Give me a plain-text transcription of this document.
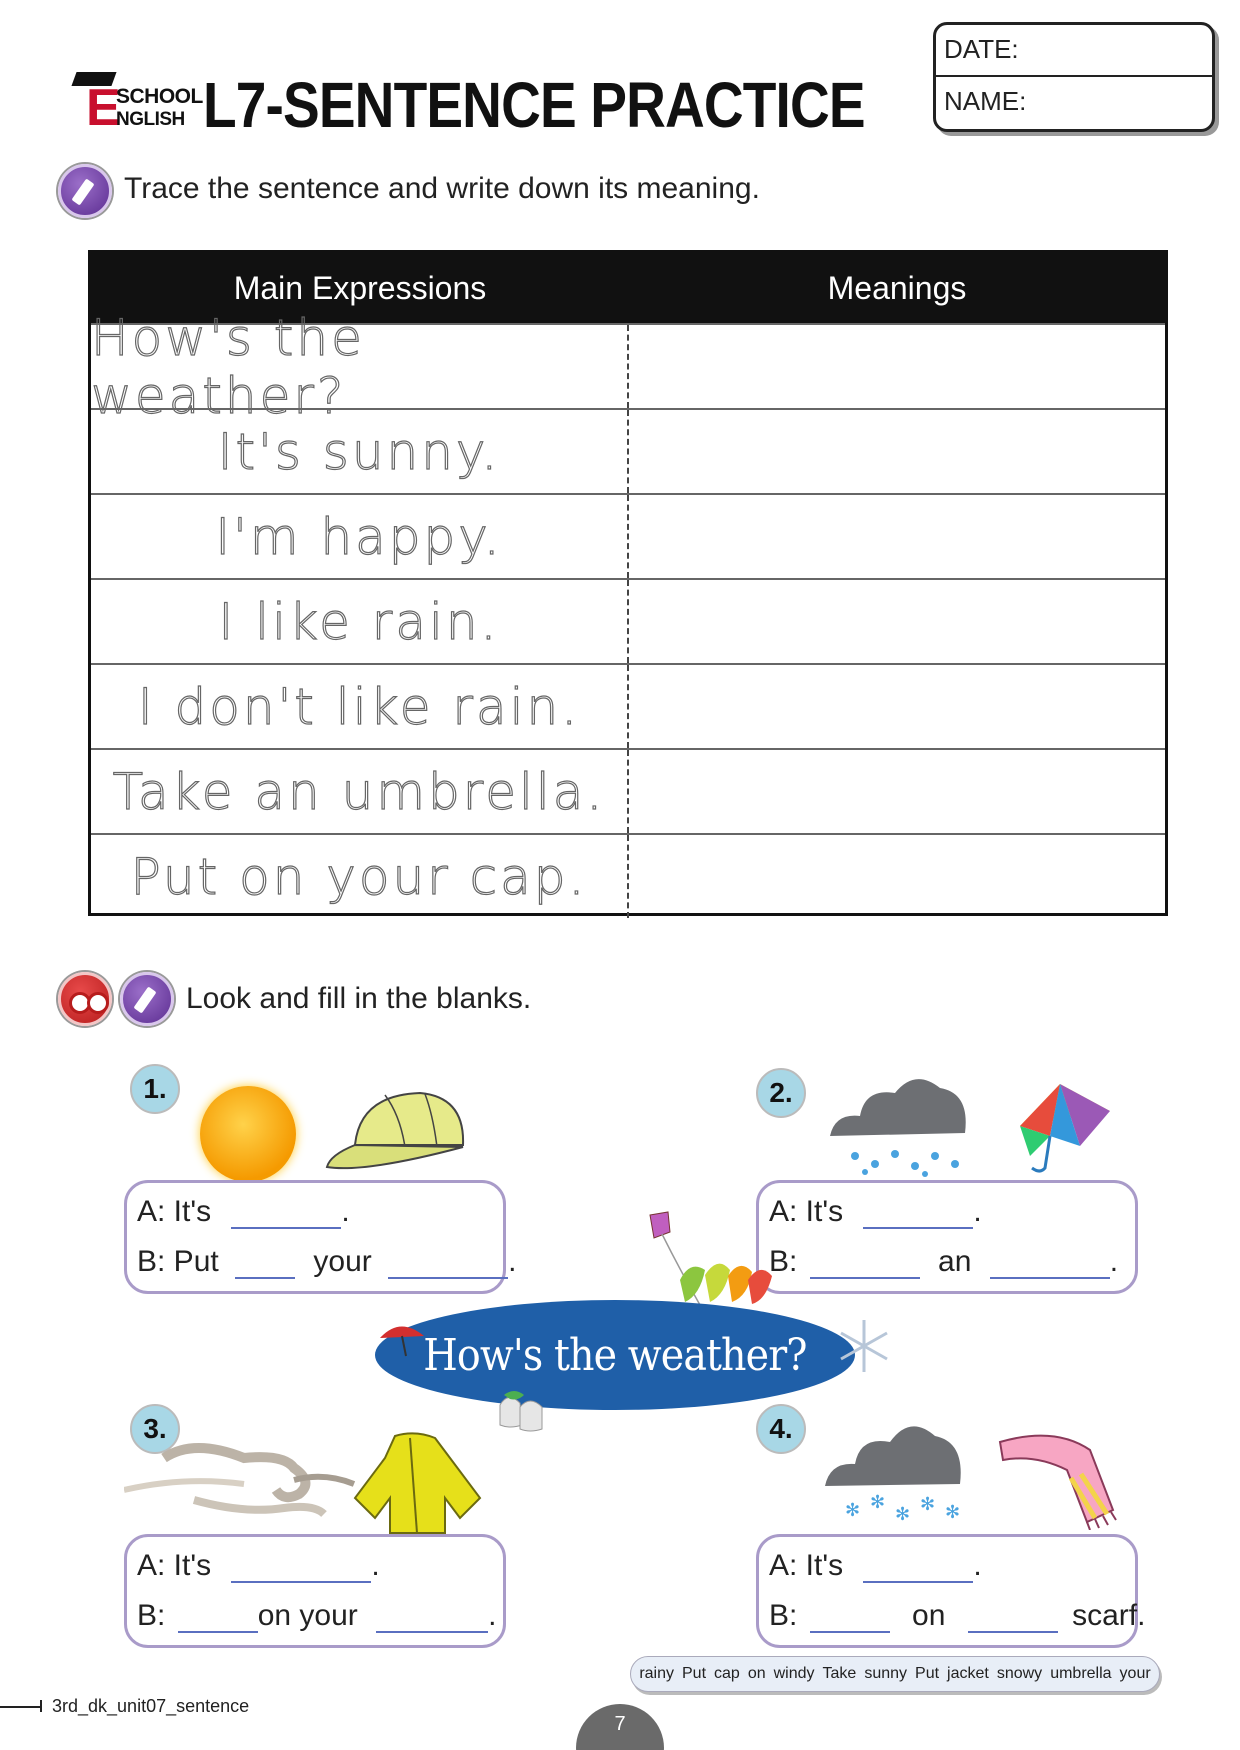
E
SCHOOL
NGLISH L7-SENTENCE PRACTICE
DATE:
NAME:
Trace the sentence and write down its meaning.
Main Expressions	Meanings
How's the weather?
It's sunny.
I'm happy.
I like rain.
I don't like rain.
Take an umbrella.
Put on your cap.
Look and fill in the blanks.
1.
A: It's	.
B: Put	your	.
2.
A: It's	.
B:	an	.
How's the weather?
3.
A: It's	.
B:	on your	.
4.
✻ ✻
✻ ✻ ✻
A: It's	.
B:	on	scarf.
rainy Put cap on windy Take sunny Put jacket snowy umbrella your
3rd_dk_unit07_sentence
7
